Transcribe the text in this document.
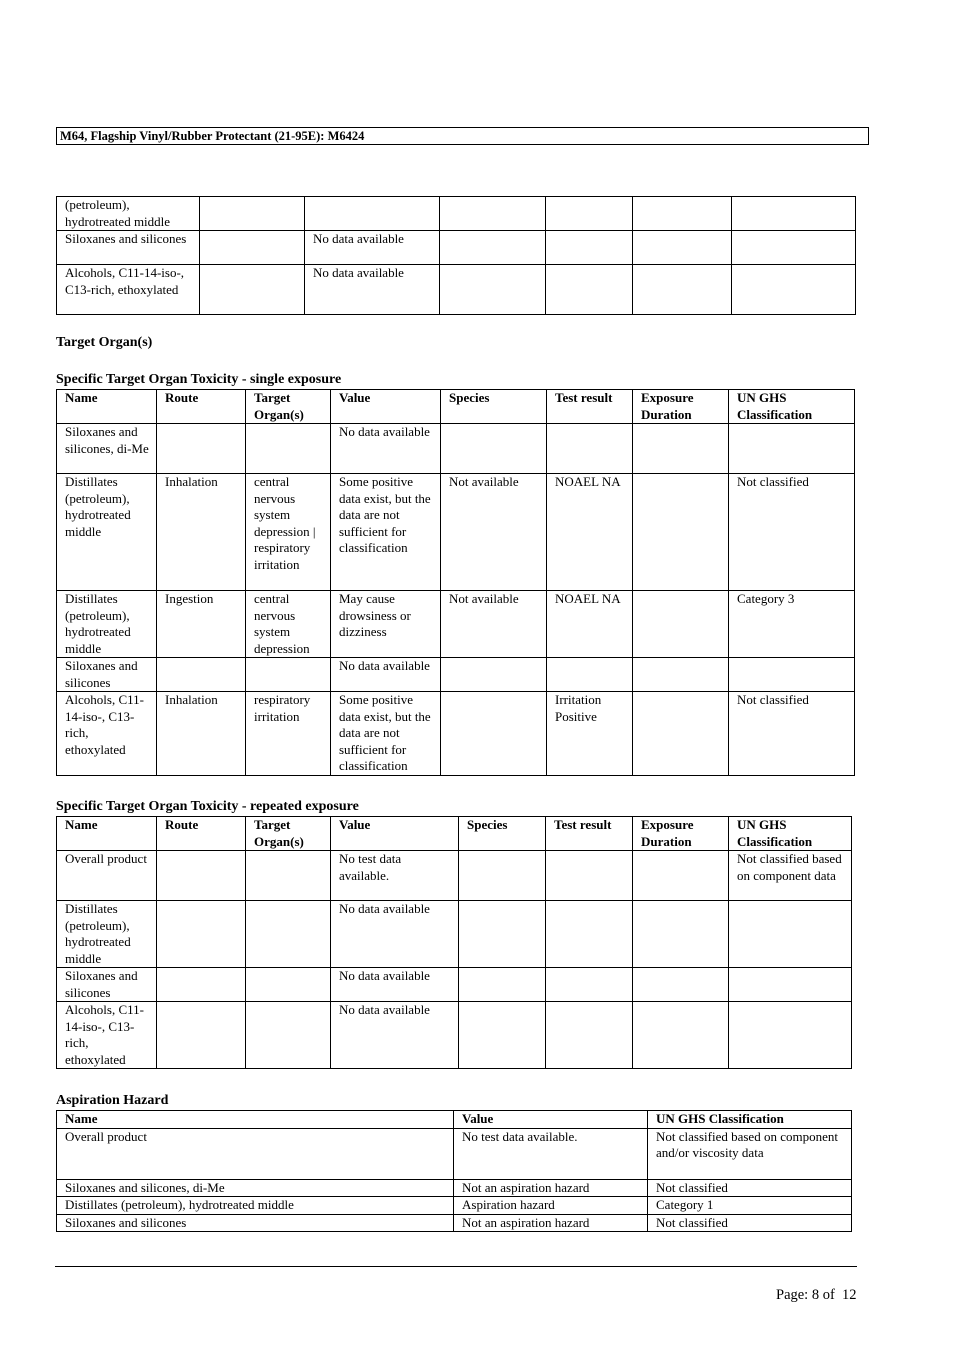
M64, Flagship Vinyl/Rubber Protectant (21-95E): M6424
(petroleum), hydrotreated middle						
Siloxanes and silicones		No data available				
Alcohols, C11-14-iso-, C13-rich, ethoxylated		No data available				
Target Organ(s)
Specific Target Organ Toxicity - single exposure
Name	Route	Target Organ(s)	Value	Species	Test result	Exposure Duration	UN GHS Classification
Siloxanes and silicones, di-Me			No data available				
Distillates (petroleum), hydrotreated middle	Inhalation	central nervous system depression | respiratory irritation	Some positive data exist, but the data are not sufficient for classification	Not available	NOAEL NA		Not classified
Distillates (petroleum), hydrotreated middle	Ingestion	central nervous system depression	May cause drowsiness or dizziness	Not available	NOAEL NA		Category 3
Siloxanes and silicones			No data available				
Alcohols, C11-14-iso-, C13-rich, ethoxylated	Inhalation	respiratory irritation	Some positive data exist, but the data are not sufficient for classification		Irritation Positive		Not classified
Specific Target Organ Toxicity - repeated exposure
Name	Route	Target Organ(s)	Value	Species	Test result	Exposure Duration	UN GHS Classification
Overall product			No test data available.				Not classified based on component data
Distillates (petroleum), hydrotreated middle			No data available				
Siloxanes and silicones			No data available				
Alcohols, C11-14-iso-, C13-rich, ethoxylated			No data available				
Aspiration Hazard
Name	Value	UN GHS Classification
Overall product	No test data available.	Not classified based on component and/or viscosity data
Siloxanes and silicones, di-Me	Not an aspiration hazard	Not classified
Distillates (petroleum), hydrotreated middle	Aspiration hazard	Category 1
Siloxanes and silicones	Not an aspiration hazard	Not classified
Page: 8 of  12
